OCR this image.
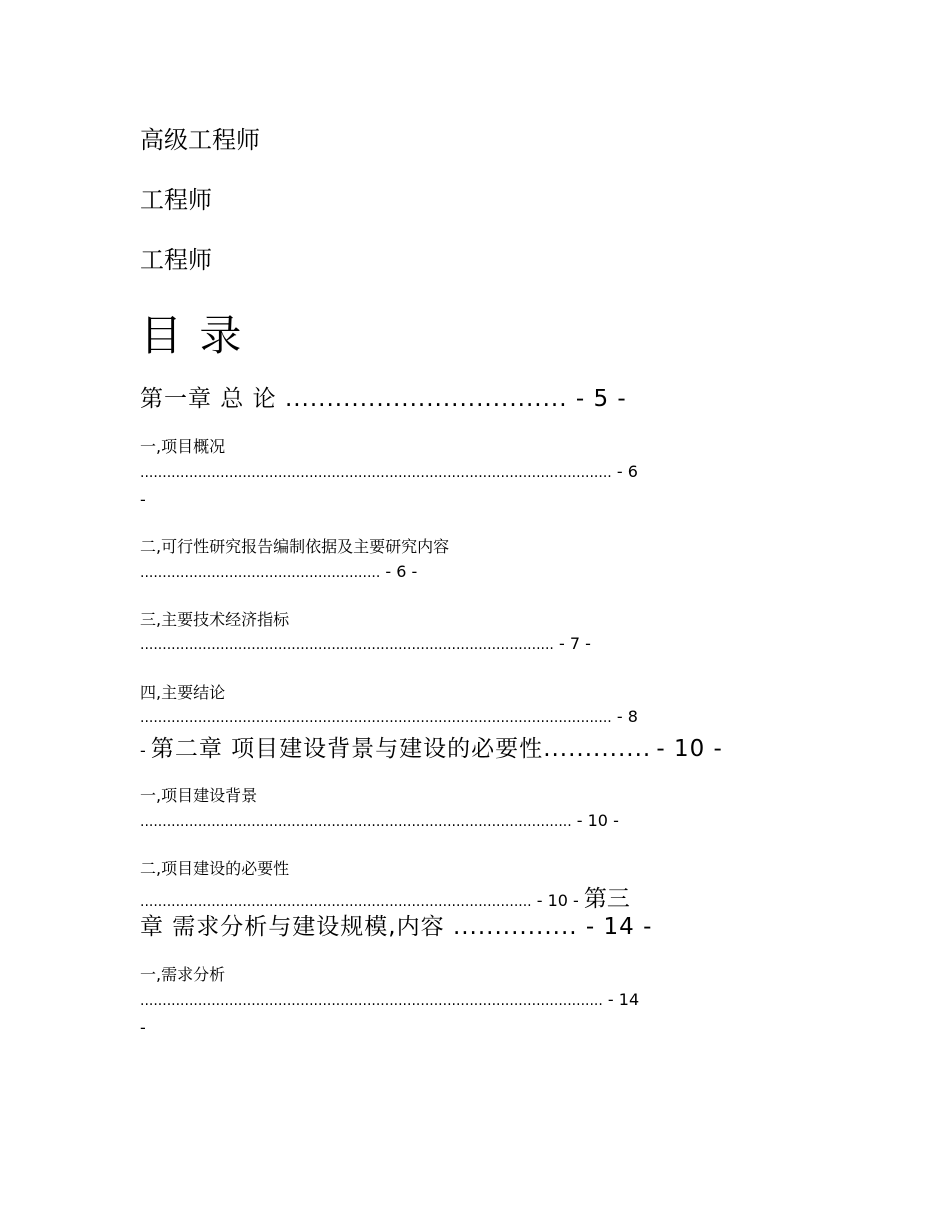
高级工程师
工程师
工程师
目 录
第一章 总 论 .................................. - 5 -
一,项目概况
.......................................................................................................... - 6
-
二,可行性研究报告编制依据及主要研究内容
...................................................... - 6 -
三,主要技术经济指标
............................................................................................. - 7 -
四,主要结论
.......................................................................................................... - 8
- 第二章 项目建设背景与建设的必要性............. - 10 -
一,项目建设背景
................................................................................................. - 10 -
二,项目建设的必要性
........................................................................................ - 10 - 第三
章 需求分析与建设规模,内容 ............... - 14 -
一,需求分析
........................................................................................................ - 14
-
